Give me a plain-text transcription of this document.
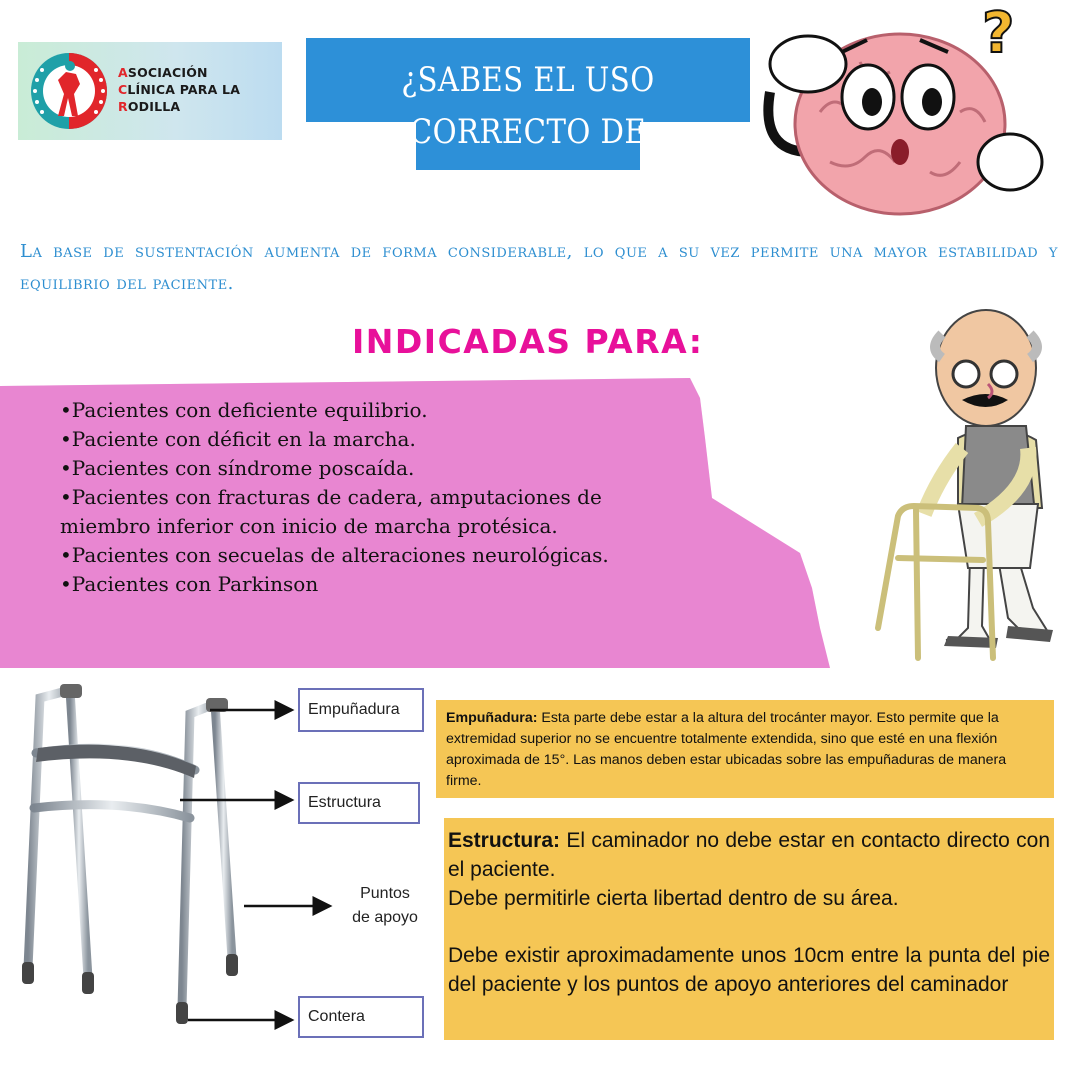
ASOCIACIÓN
CLÍNICA PARA LA
RODILLA
¿SABES EL USO CORRECTO DE
ANDADERA?
?
La base de sustentación aumenta de forma considerable, lo que a su vez permite una mayor estabilidad y equilibrio del paciente.
INDICADAS PARA:
• Pacientes con deficiente equilibrio.
• Paciente con déficit en la marcha.
• Pacientes con síndrome poscaída.
• Pacientes con fracturas de cadera, amputaciones de miembro inferior con inicio de marcha protésica.
• Pacientes con secuelas de alteraciones neurológicas.
• Pacientes con Parkinson
Empuñadura
Estructura
Puntos
de apoyo
Contera
Empuñadura: Esta parte debe estar a la altura del trocánter mayor. Esto permite que la extremidad superior no se encuentre totalmente extendida, sino que esté en una flexión aproximada de 15°. Las manos deben estar ubicadas sobre las empuñaduras de manera firme.

Estructura: El caminador no debe estar en contacto directo con el paciente.

Debe permitirle cierta libertad dentro de su área.

Debe existir aproximadamente unos 10cm entre la punta del pie del paciente y los puntos de apoyo anteriores del caminador
